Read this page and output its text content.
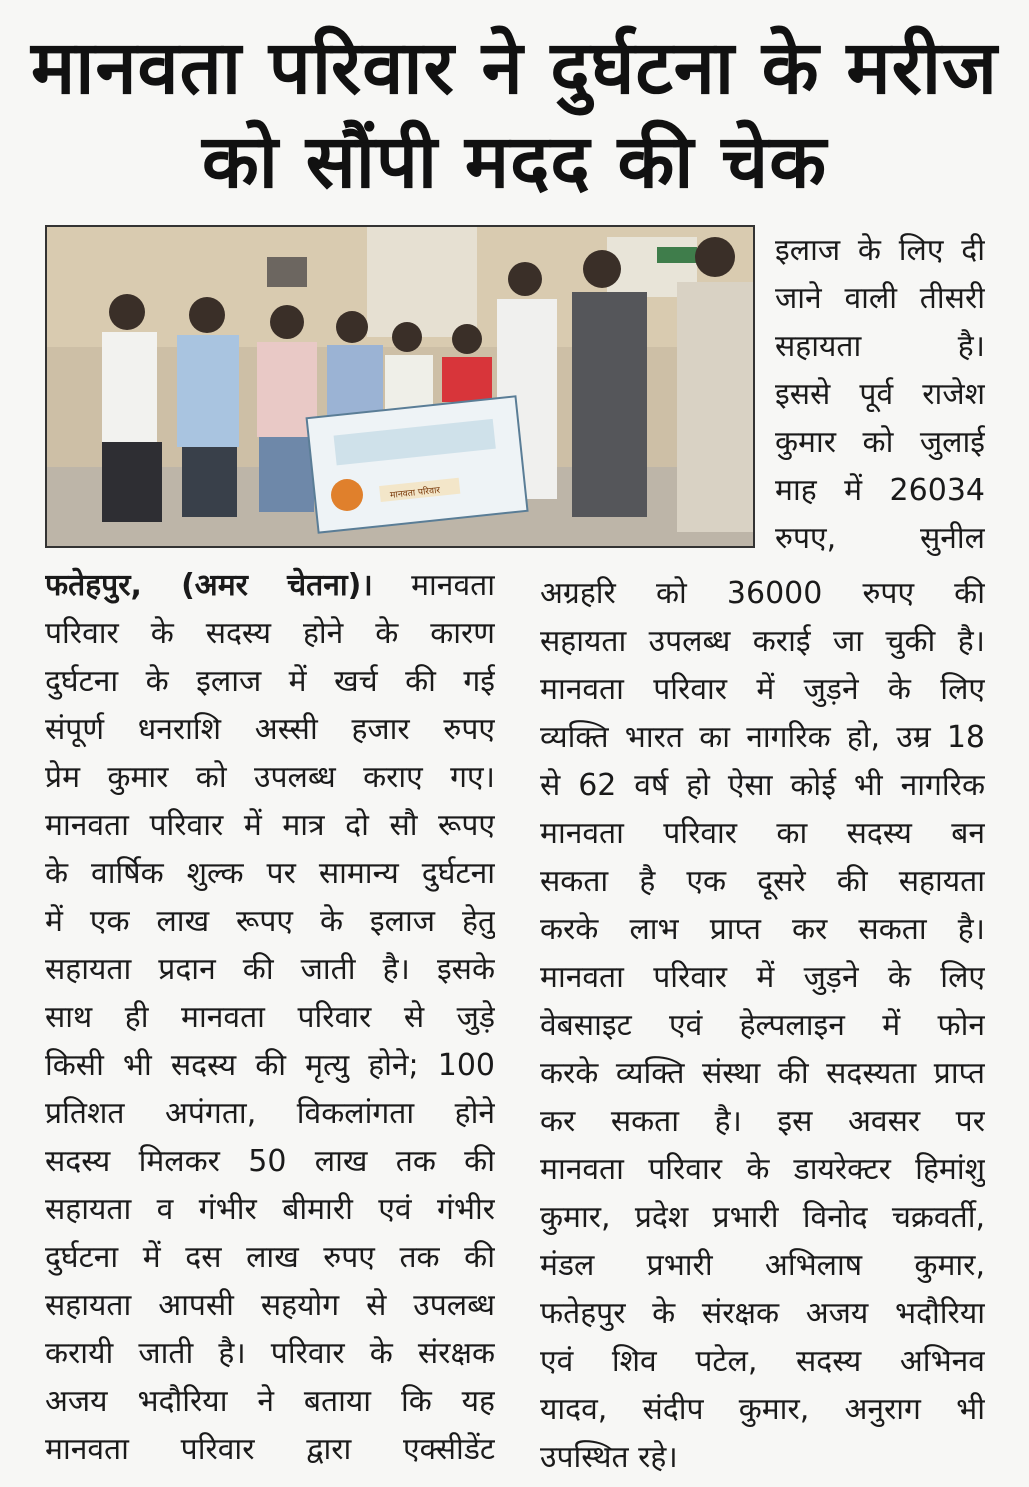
मानवता परिवार ने दुर्घटना के मरीज
को सौंपी मदद की चेक
मानवता परिवार
इलाज के लिए दी
जाने वाली तीसरी
सहायता है।
इससे पूर्व राजेश
कुमार को जुलाई
माह में 26034
रुपए, सुनील
फतेहपुर, (अमर चेतना)। मानवता
परिवार के सदस्य होने के कारण
दुर्घटना के इलाज में खर्च की गई
संपूर्ण धनराशि अस्सी हजार रुपए
प्रेम कुमार को उपलब्ध कराए गए।
मानवता परिवार में मात्र दो सौ रूपए
के वार्षिक शुल्क पर सामान्य दुर्घटना
में एक लाख रूपए के इलाज हेतु
सहायता प्रदान की जाती है। इसके
साथ ही मानवता परिवार से जुड़े
किसी भी सदस्य की मृत्यु होने; 100
प्रतिशत अपंगता, विकलांगता होने
सदस्य मिलकर 50 लाख तक की
सहायता व गंभीर बीमारी एवं गंभीर
दुर्घटना में दस लाख रुपए तक की
सहायता आपसी सहयोग से उपलब्ध
करायी जाती है। परिवार के संरक्षक
अजय भदौरिया ने बताया कि यह
मानवता परिवार द्वारा एक्सीडेंट
अग्रहरि को 36000 रुपए की
सहायता उपलब्ध कराई जा चुकी है।
मानवता परिवार में जुड़ने के लिए
व्यक्ति भारत का नागरिक हो, उम्र 18
से 62 वर्ष हो ऐसा कोई भी नागरिक
मानवता परिवार का सदस्य बन
सकता है एक दूसरे की सहायता
करके लाभ प्राप्त कर सकता है।
मानवता परिवार में जुड़ने के लिए
वेबसाइट एवं हेल्पलाइन में फोन
करके व्यक्ति संस्था की सदस्यता प्राप्त
कर सकता है। इस अवसर पर
मानवता परिवार के डायरेक्टर हिमांशु
कुमार, प्रदेश प्रभारी विनोद चक्रवर्ती,
मंडल प्रभारी अभिलाष कुमार,
फतेहपुर के संरक्षक अजय भदौरिया
एवं शिव पटेल, सदस्य अभिनव
यादव, संदीप कुमार, अनुराग भी
उपस्थित रहे।
